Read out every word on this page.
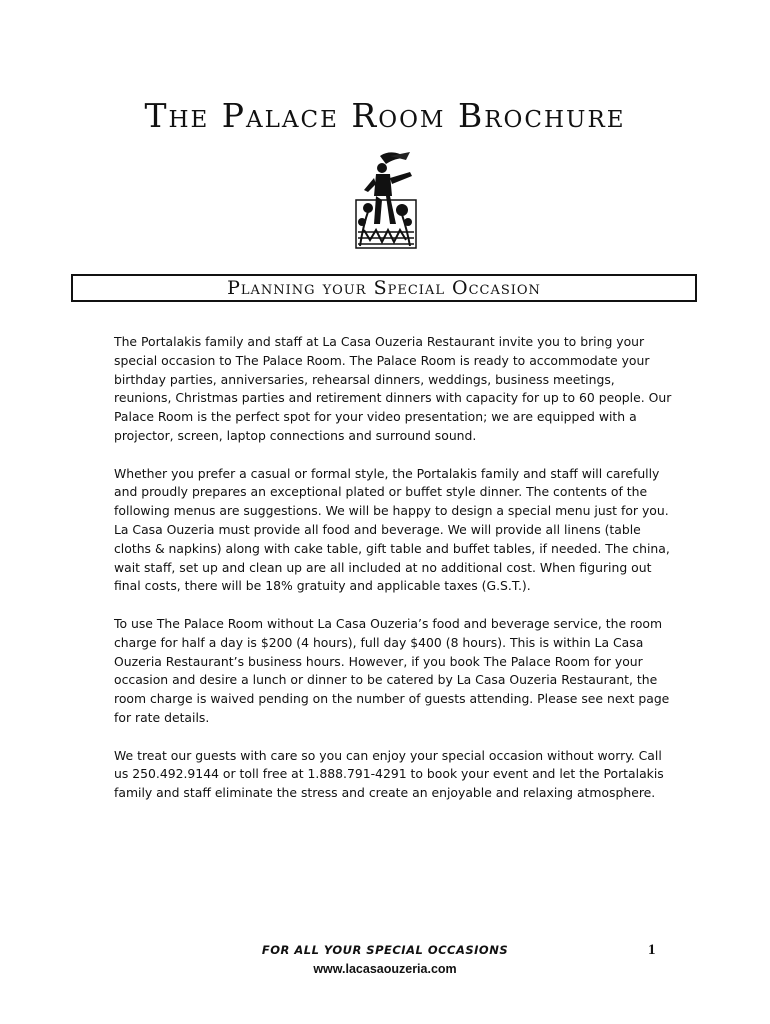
The Palace Room Brochure
Planning your Special Occasion

The Portalakis family and staff at La Casa Ouzeria Restaurant invite you to bring your special occasion to The Palace Room. The Palace Room is ready to accommodate your birthday parties, anniversaries, rehearsal dinners, weddings, business meetings, reunions, Christmas parties and retirement dinners with capacity for up to 60 people. Our Palace Room is the perfect spot for your video presentation; we are equipped with a projector, screen, laptop connections and surround sound.

Whether you prefer a casual or formal style, the Portalakis family and staff will carefully and proudly prepares an exceptional plated or buffet style dinner. The contents of the following menus are suggestions. We will be happy to design a special menu just for you. La Casa Ouzeria must provide all food and beverage. We will provide all linens (table cloths & napkins) along with cake table, gift table and buffet tables, if needed. The china, wait staff, set up and clean up are all included at no additional cost. When figuring out final costs, there will be 18% gratuity and applicable taxes (G.S.T.).

To use The Palace Room without La Casa Ouzeria’s food and beverage service, the room charge for half a day is $200 (4 hours), full day $400 (8 hours). This is within La Casa Ouzeria Restaurant’s business hours. However, if you book The Palace Room for your occasion and desire a lunch or dinner to be catered by La Casa Ouzeria Restaurant, the room charge is waived pending on the number of guests attending. Please see next page for rate details.

We treat our guests with care so you can enjoy your special occasion without worry. Call us 250.492.9144 or toll free at 1.888.791-4291 to book your event and let the Portalakis family and staff eliminate the stress and create an enjoyable and relaxing atmosphere.

FOR ALL YOUR SPECIAL OCCASIONS
www.lacasaouzeria.com
1
